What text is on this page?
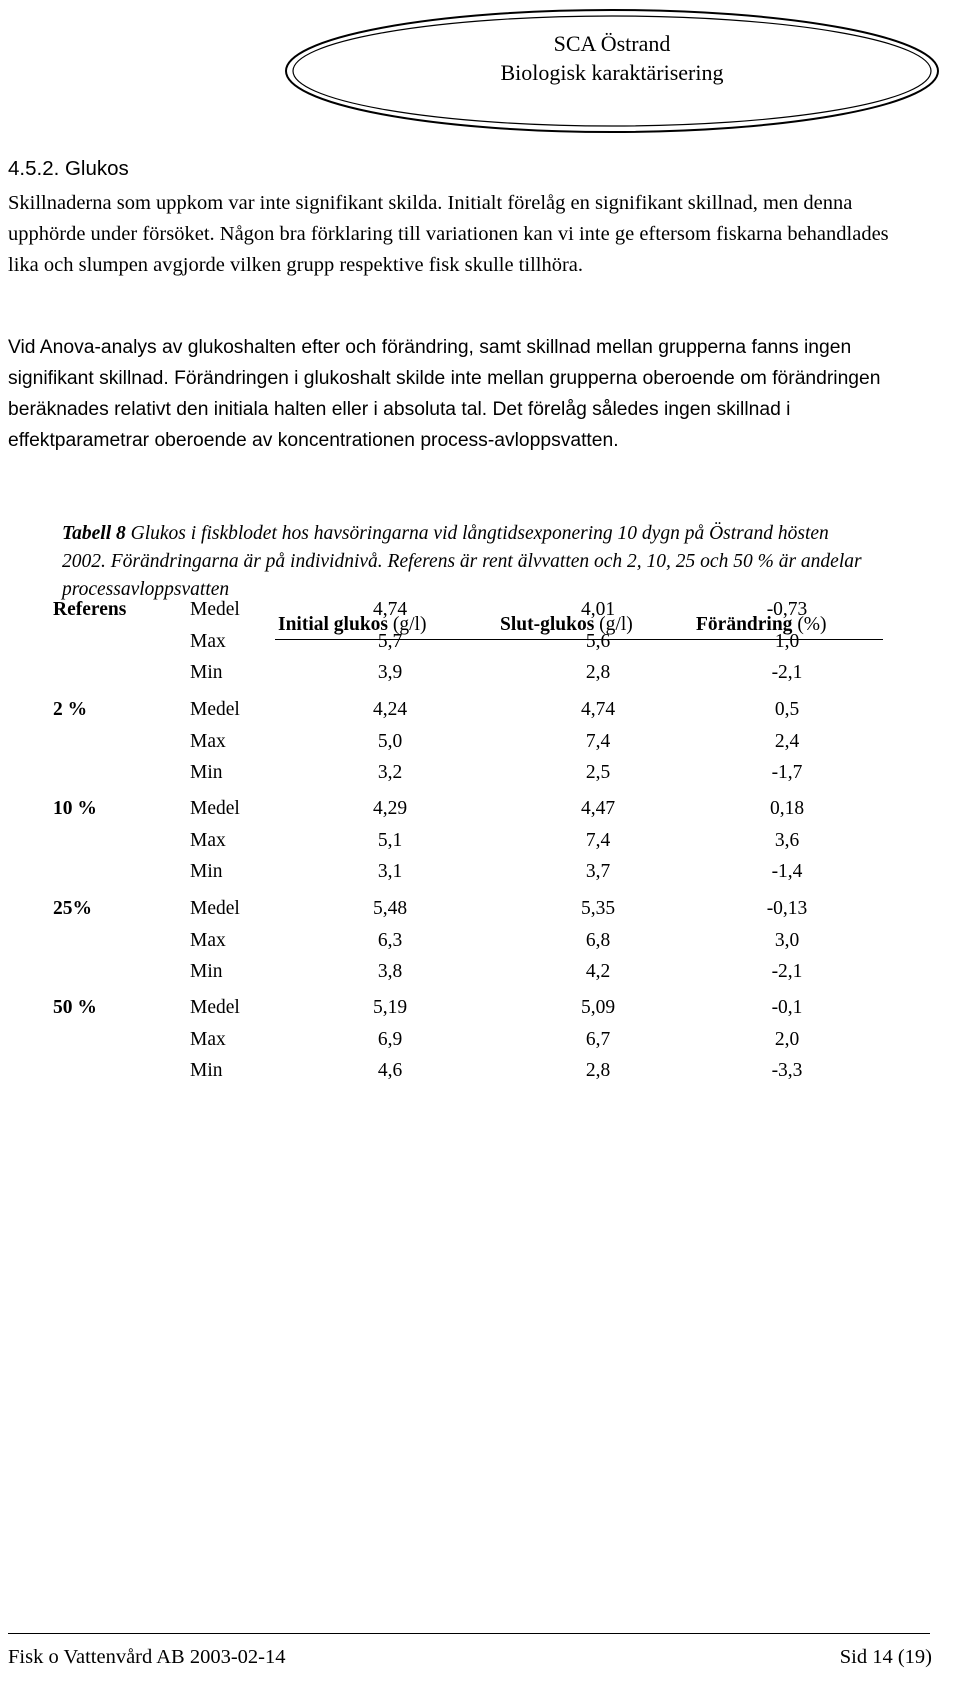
SCA Östrand
Biologisk karaktärisering
4.5.2. Glukos
Skillnaderna som uppkom var inte signifikant skilda. Initialt förelåg en signifikant skillnad, men denna upphörde under försöket. Någon bra förklaring till variationen kan vi inte ge eftersom fiskarna behandlades lika och slumpen avgjorde vilken grupp respektive fisk skulle tillhöra.
Vid Anova-analys av glukoshalten efter och förändring, samt skillnad mellan grupperna fanns ingen signifikant skillnad. Förändringen i glukoshalt skilde inte mellan grupperna oberoende om förändringen beräknades relativt den initiala halten eller i absoluta tal. Det förelåg således ingen skillnad i effektparametrar oberoende av koncentrationen process-avloppsvatten.
Tabell 8 Glukos i fiskblodet hos havsöringarna vid långtidsexponering 10 dygn på Östrand hösten 2002. Förändringarna är på individnivå. Referens är rent älvvatten och 2, 10, 25 och 50 % är andelar processavloppsvatten
Initial glukos (g/l)	Slut-glukos (g/l)	Förändring (%)
Referens	Medel	4,74	4,01	-0,73
Max	5,7	5,6	1,0
Min	3,9	2,8	-2,1
2 %	Medel	4,24	4,74	0,5
Max	5,0	7,4	2,4
Min	3,2	2,5	-1,7
10 %	Medel	4,29	4,47	0,18
Max	5,1	7,4	3,6
Min	3,1	3,7	-1,4
25%	Medel	5,48	5,35	-0,13
Max	6,3	6,8	3,0
Min	3,8	4,2	-2,1
50 %	Medel	5,19	5,09	-0,1
Max	6,9	6,7	2,0
Min	4,6	2,8	-3,3
Fisk o Vattenvård AB 2003-02-14	Sid 14 (19)
